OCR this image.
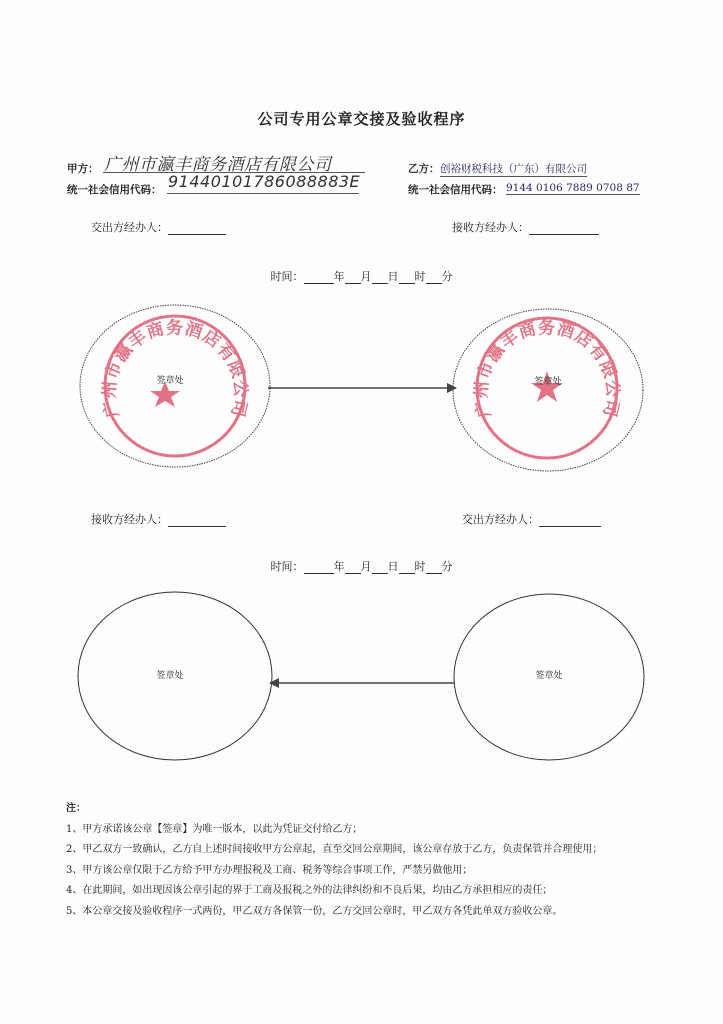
公司专用公章交接及验收程序
甲方： 广州市瀛丰商务酒店有限公司
统一社会信用代码： 91440101786088883E
乙方： 创裕财税科技（广东）有限公司
统一社会信用代码： 9144 0106 7889 0708 87
交出方经办人：	接收方经办人：
时间：	年 月 日 时 分
接收方经办人：	交出方经办人：
时间：	年 月 日 时 分
广州市瀛丰商务酒店有限公司	广州市瀛丰商务酒店有限公司
签章处	签章处
签章处	签章处
注：
1、甲方承诺该公章【签章】为唯一版本，以此为凭证交付给乙方；
2、甲乙双方一致确认，乙方自上述时间接收甲方公章起，直至交回公章期间，该公章存放于乙方，负责保管并合理使用；
3、甲方该公章仅限于乙方给予甲方办理报税及工商、税务等综合事项工作，严禁另做他用；
4、在此期间，如出现因该公章引起的界于工商及报税之外的法律纠纷和不良后果，均由乙方承担相应的责任；
5、本公章交接及验收程序一式两份，甲乙双方各保管一份，乙方交回公章时，甲乙双方各凭此单双方验收公章。
